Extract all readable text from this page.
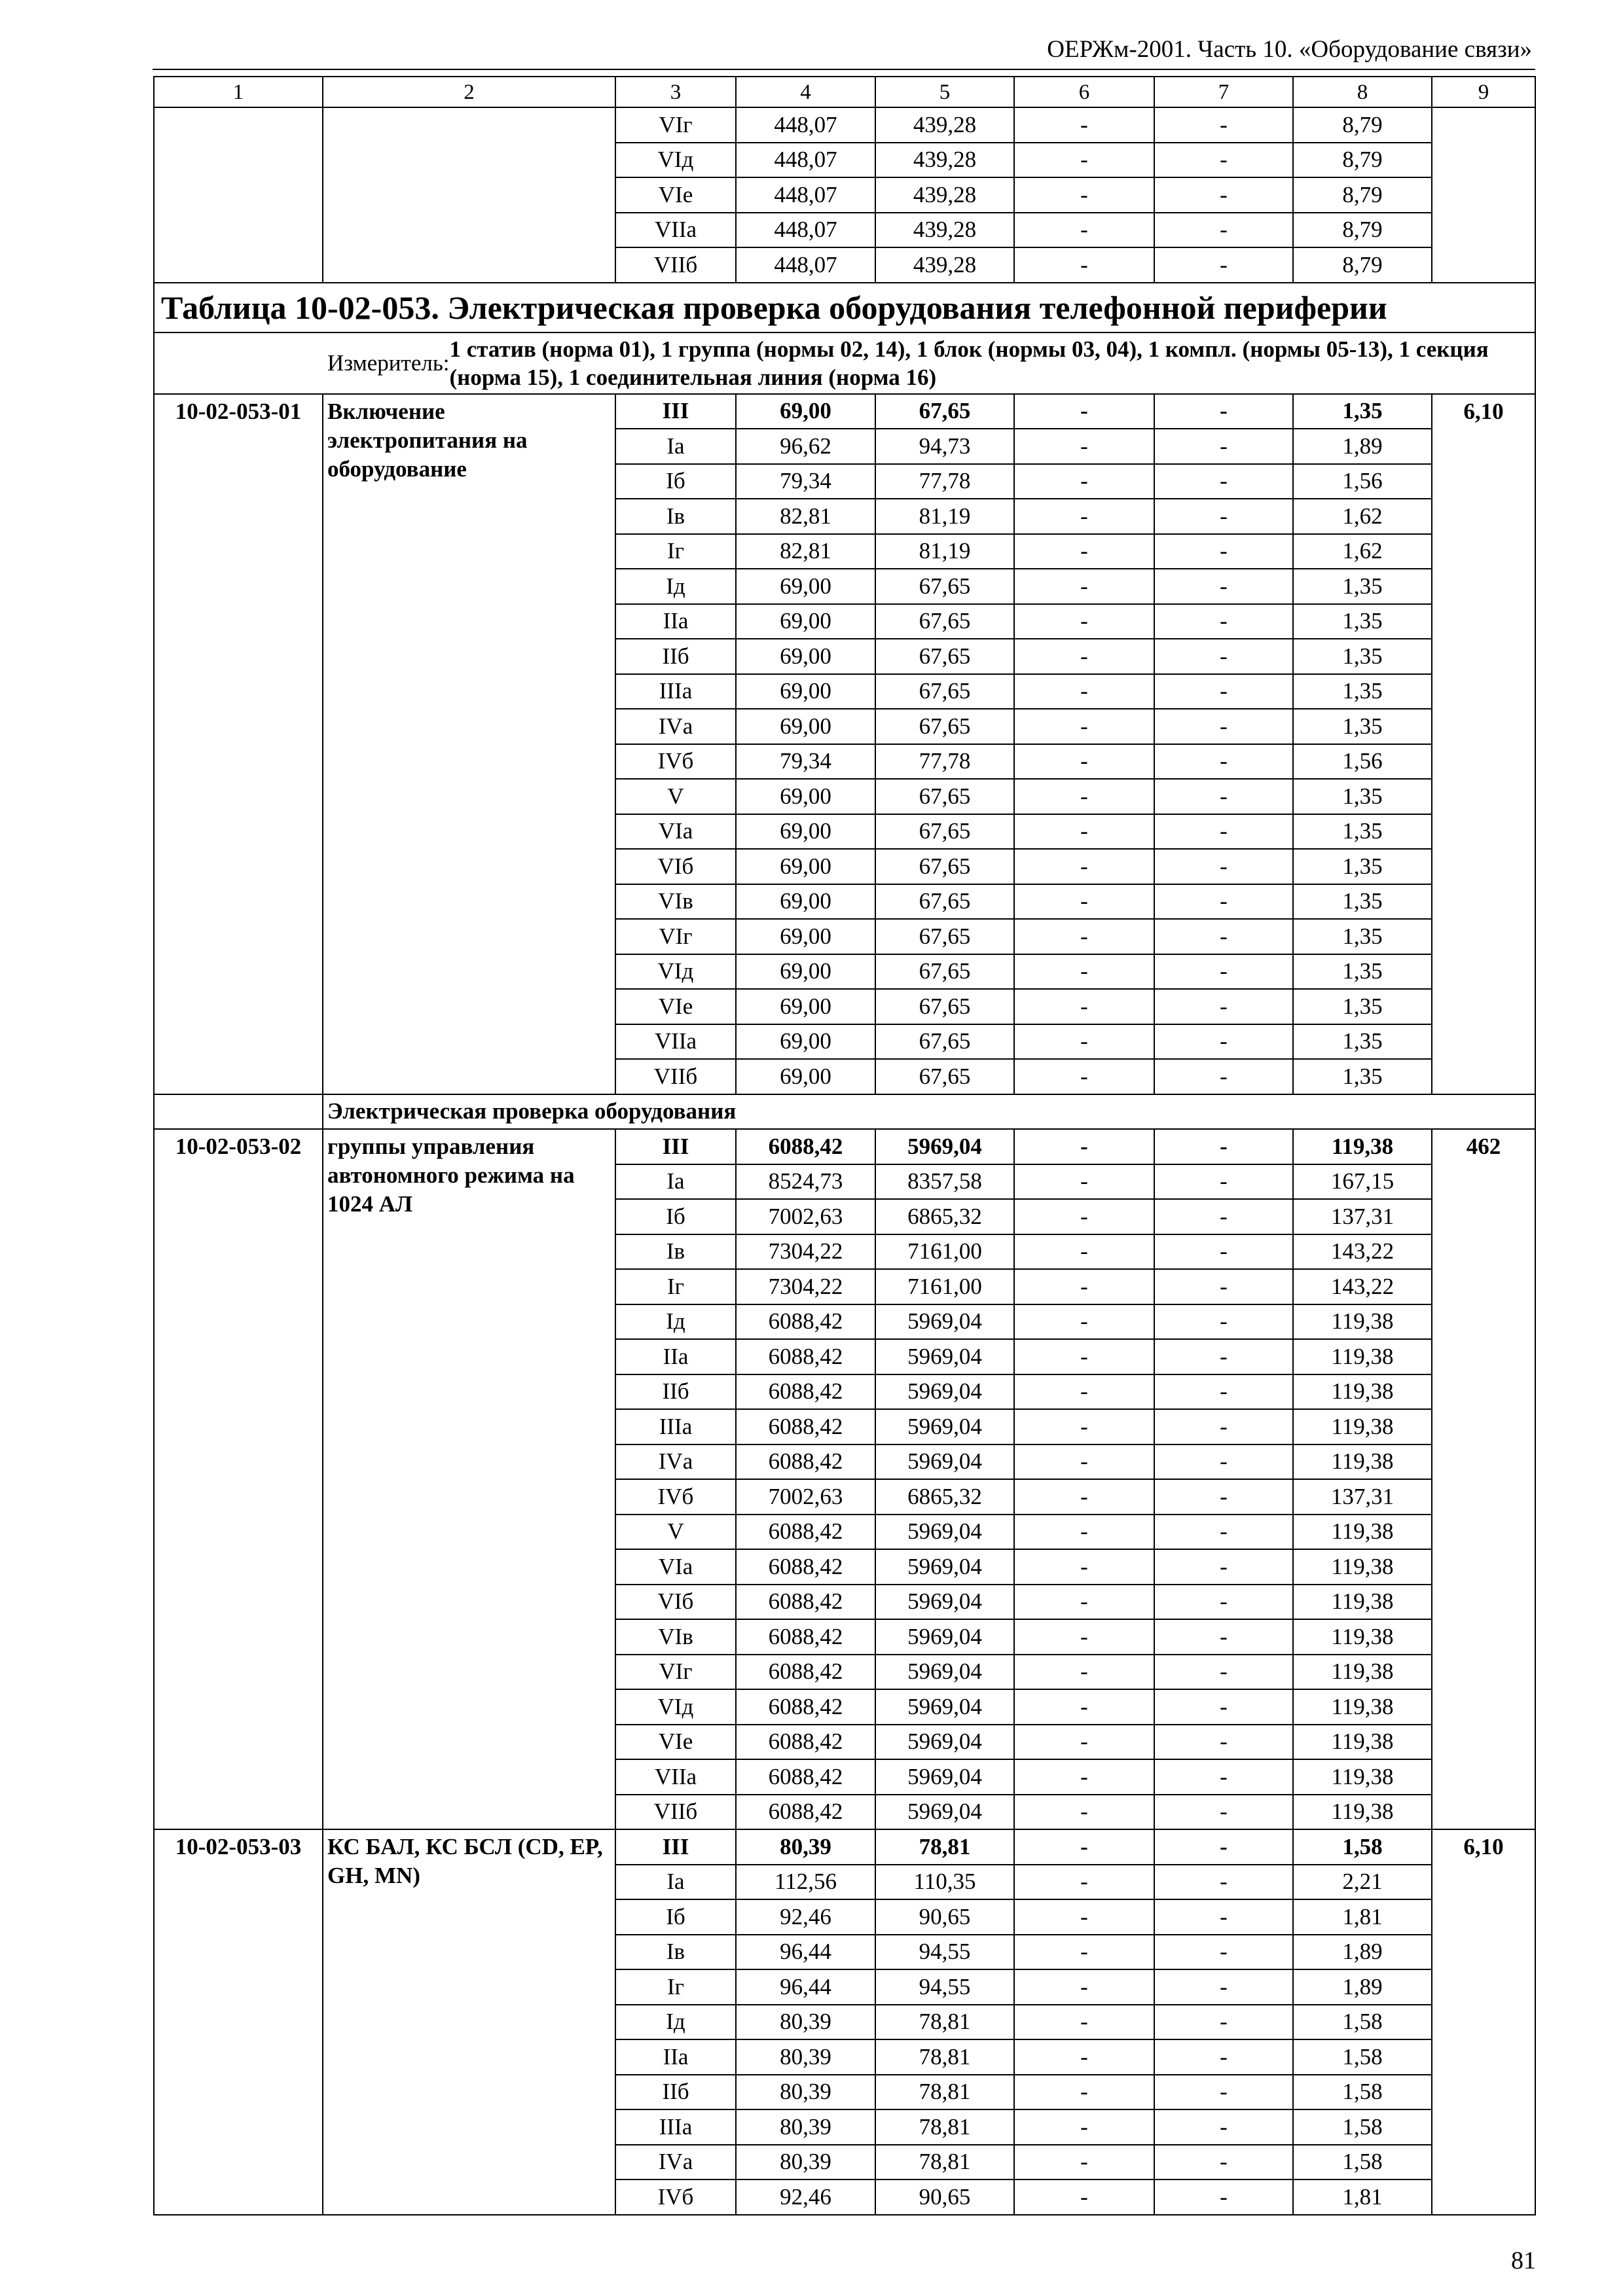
ОЕРЖм-2001. Часть 10. «Оборудование связи»
1	2	3	4	5	6	7	8	9
		VIг	448,07	439,28	-	-	8,79	
		VIд	448,07	439,28	-	-	8,79	
		VIе	448,07	439,28	-	-	8,79	
		VIIа	448,07	439,28	-	-	8,79	
		VIIб	448,07	439,28	-	-	8,79	
Таблица 10-02-053. Электрическая проверка оборудования телефонной периферии								

Измеритель:
1 статив (норма 01), 1 группа (нормы 02, 14), 1 блок (нормы 03, 04), 1 компл. (нормы 05-13), 1 секция (норма 15), 1 соединительная линия (норма 16)								

10-02-053-01	Включение электропитания на оборудование	III	69,00	67,65	-	-	1,35	6,10
		Iа	96,62	94,73	-	-	1,89	
		Iб	79,34	77,78	-	-	1,56	
		Iв	82,81	81,19	-	-	1,62	
		Iг	82,81	81,19	-	-	1,62	
		Iд	69,00	67,65	-	-	1,35	
		IIа	69,00	67,65	-	-	1,35	
		IIб	69,00	67,65	-	-	1,35	
		IIIа	69,00	67,65	-	-	1,35	
		IVа	69,00	67,65	-	-	1,35	
		IVб	79,34	77,78	-	-	1,56	
		V	69,00	67,65	-	-	1,35	
		VIа	69,00	67,65	-	-	1,35	
		VIб	69,00	67,65	-	-	1,35	
		VIв	69,00	67,65	-	-	1,35	
		VIг	69,00	67,65	-	-	1,35	
		VIд	69,00	67,65	-	-	1,35	
		VIе	69,00	67,65	-	-	1,35	
		VIIа	69,00	67,65	-	-	1,35	
		VIIб	69,00	67,65	-	-	1,35	
	Электрическая проверка оборудования							
10-02-053-02	группы управления автономного режима на 1024 АЛ	III	6088,42	5969,04	-	-	119,38	462
		Iа	8524,73	8357,58	-	-	167,15	
		Iб	7002,63	6865,32	-	-	137,31	
		Iв	7304,22	7161,00	-	-	143,22	
		Iг	7304,22	7161,00	-	-	143,22	
		Iд	6088,42	5969,04	-	-	119,38	
		IIа	6088,42	5969,04	-	-	119,38	
		IIб	6088,42	5969,04	-	-	119,38	
		IIIа	6088,42	5969,04	-	-	119,38	
		IVа	6088,42	5969,04	-	-	119,38	
		IVб	7002,63	6865,32	-	-	137,31	
		V	6088,42	5969,04	-	-	119,38	
		VIа	6088,42	5969,04	-	-	119,38	
		VIб	6088,42	5969,04	-	-	119,38	
		VIв	6088,42	5969,04	-	-	119,38	
		VIг	6088,42	5969,04	-	-	119,38	
		VIд	6088,42	5969,04	-	-	119,38	
		VIе	6088,42	5969,04	-	-	119,38	
		VIIа	6088,42	5969,04	-	-	119,38	
		VIIб	6088,42	5969,04	-	-	119,38	
10-02-053-03	КС БАЛ, КС БСЛ (CD, EP, GH, MN)	III	80,39	78,81	-	-	1,58	6,10
		Iа	112,56	110,35	-	-	2,21	
		Iб	92,46	90,65	-	-	1,81	
		Iв	96,44	94,55	-	-	1,89	
		Iг	96,44	94,55	-	-	1,89	
		Iд	80,39	78,81	-	-	1,58	
		IIа	80,39	78,81	-	-	1,58	
		IIб	80,39	78,81	-	-	1,58	
		IIIа	80,39	78,81	-	-	1,58	
		IVа	80,39	78,81	-	-	1,58	
		IVб	92,46	90,65	-	-	1,81	
81
